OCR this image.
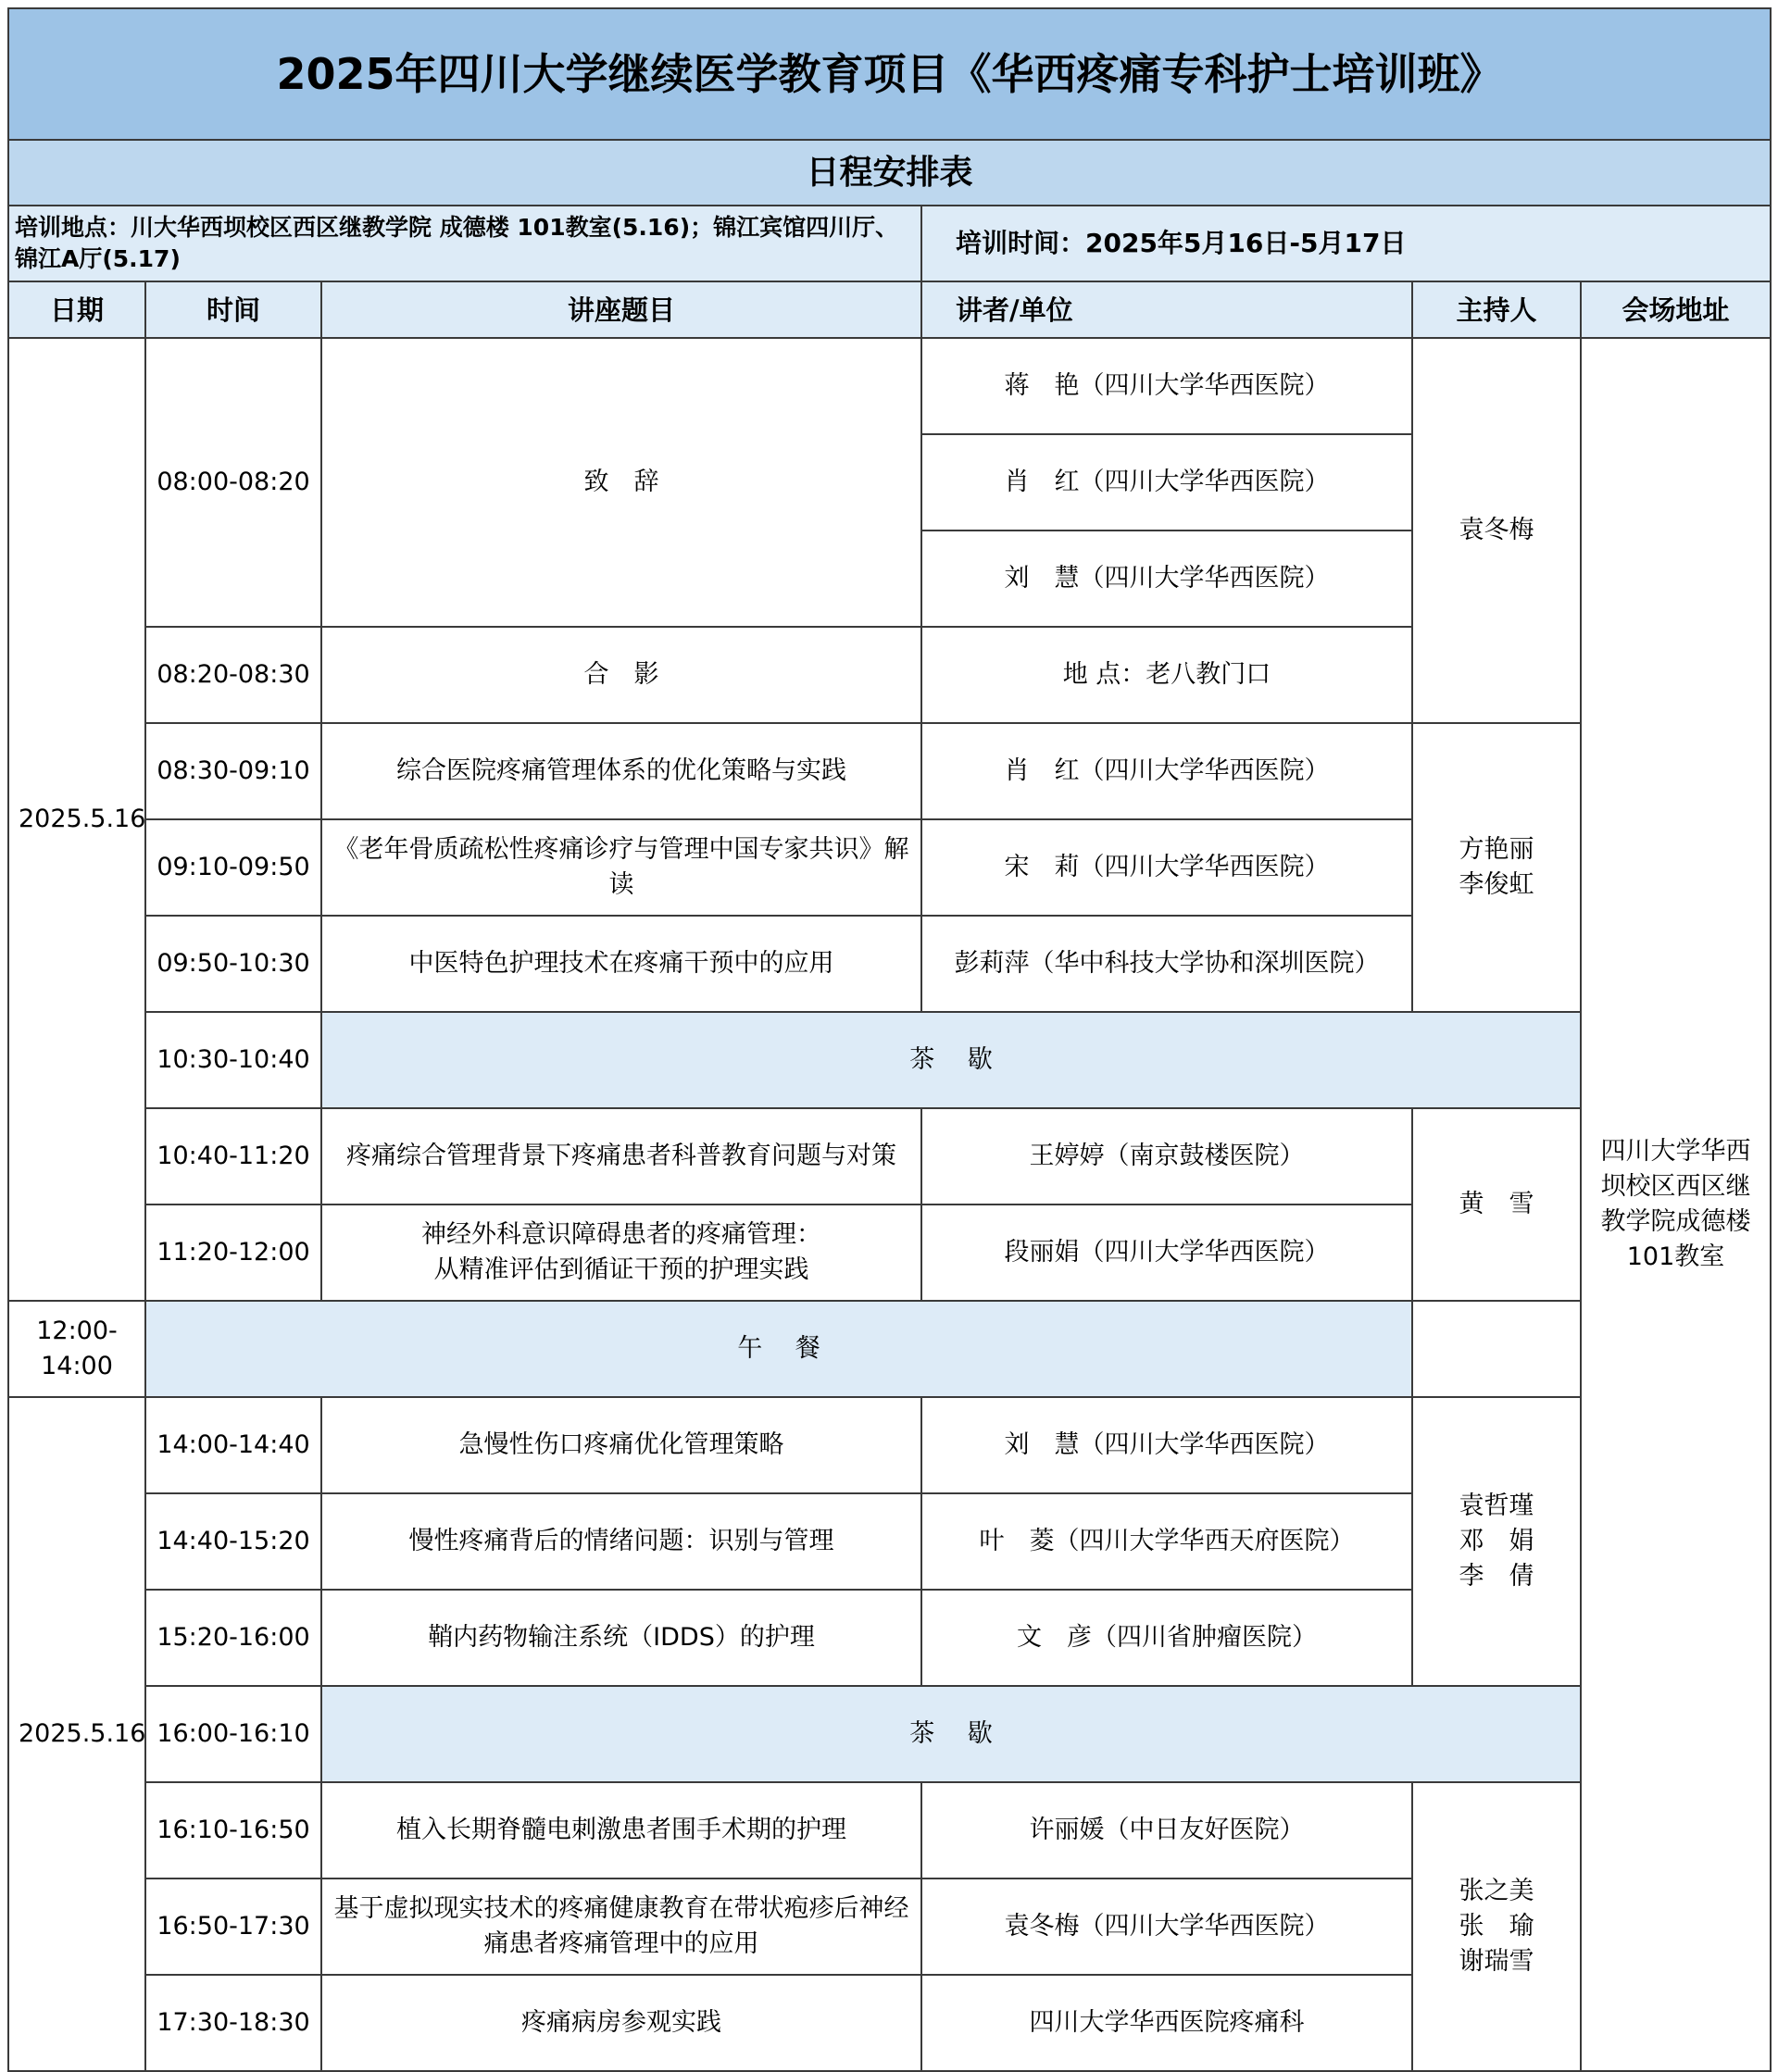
2025年四川大学继续医学教育项目《华西疼痛专科护士培训班》					
日程安排表					
培训地点：川大华西坝校区西区继教学院 成德楼 101教室(5.16)；锦江宾馆四川厅、锦江A厅(5.17)			培训时间：2025年5月16日-5月17日		
日期	时间	讲座题目	讲者/单位	主持人	会场地址
2025.5.16	08:00-08:20	致　辞	蒋　艳（四川大学华西医院）	袁冬梅	四川大学华西坝校区西区继教学院成德楼101教室
			肖　红（四川大学华西医院）		
			刘　慧（四川大学华西医院）		
	08:20-08:30	合　影	地 点：老八教门口		
	08:30-09:10	综合医院疼痛管理体系的优化策略与实践	肖　红（四川大学华西医院）	方艳丽
李俊虹	
	09:10-09:50	《老年骨质疏松性疼痛诊疗与管理中国专家共识》解读	宋　莉（四川大学华西医院）		
	09:50-10:30	中医特色护理技术在疼痛干预中的应用	彭莉萍（华中科技大学协和深圳医院）		
	10:30-10:40	茶　 歇			
	10:40-11:20	疼痛综合管理背景下疼痛患者科普教育问题与对策	王婷婷（南京鼓楼医院）	黄　雪	
	11:20-12:00	神经外科意识障碍患者的疼痛管理：
从精准评估到循证干预的护理实践	段丽娟（四川大学华西医院）		
12:00-14:00	午　 餐				
2025.5.16	14:00-14:40	急慢性伤口疼痛优化管理策略	刘　慧（四川大学华西医院）	袁哲瑾
邓　娟
李　倩	
	14:40-15:20	慢性疼痛背后的情绪问题：识别与管理	叶　菱（四川大学华西天府医院）		
	15:20-16:00	鞘内药物输注系统（IDDS）的护理	文　彦（四川省肿瘤医院）		
	16:00-16:10	茶　 歇			
	16:10-16:50	植入长期脊髓电刺激患者围手术期的护理	许丽媛（中日友好医院）	张之美
张　瑜
谢瑞雪	
	16:50-17:30	基于虚拟现实技术的疼痛健康教育在带状疱疹后神经痛患者疼痛管理中的应用	袁冬梅（四川大学华西医院）		
	17:30-18:30	疼痛病房参观实践	四川大学华西医院疼痛科		
